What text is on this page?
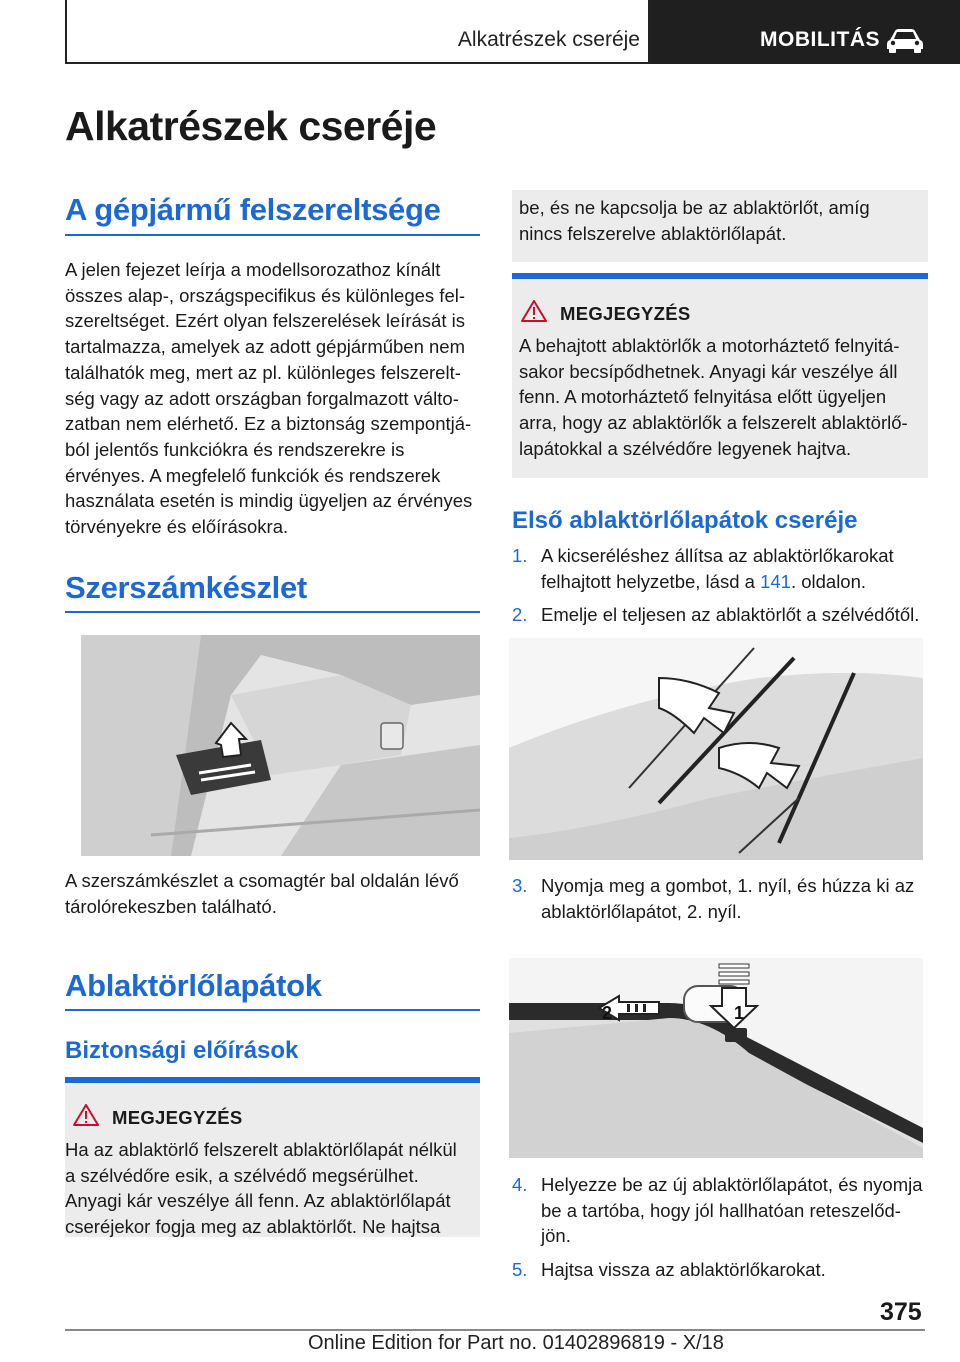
Alkatrészek cseréje	MOBILITÁS
Alkatrészek cseréje
A gépjármű felszereltsége
A jelen fejezet leírja a modellsorozathoz kínált
összes alap-, országspecifikus és különleges fel-
szereltséget. Ezért olyan felszerelések leírását is
tartalmazza, amelyek az adott gépjárműben nem
találhatók meg, mert az pl. különleges felszerelt-
ség vagy az adott országban forgalmazott válto-
zatban nem elérhető. Ez a biztonság szempontjá-
ból jelentős funkciókra és rendszerekre is
érvényes. A megfelelő funkciók és rendszerek
használata esetén is mindig ügyeljen az érvényes
törvényekre és előírásokra.
Szerszámkészlet
A szerszámkészlet a csomagtér bal oldalán lévő
tárolórekeszben található.
Ablaktörlőlapátok
Biztonsági előírások
MEGJEGYZÉS
Ha az ablaktörlő felszerelt ablaktörlőlapát nélkül
a szélvédőre esik, a szélvédő megsérülhet.
Anyagi kár veszélye áll fenn. Az ablaktörlőlapát
cseréjekor fogja meg az ablaktörlőt. Ne hajtsa
be, és ne kapcsolja be az ablaktörlőt, amíg
nincs felszerelve ablaktörlőlapát.
MEGJEGYZÉS
A behajtott ablaktörlők a motorháztető felnyitá-
sakor becsípődhetnek. Anyagi kár veszélye áll
fenn. A motorháztető felnyitása előtt ügyeljen
arra, hogy az ablaktörlők a felszerelt ablaktörlő-
lapátokkal a szélvédőre legyenek hajtva.
Első ablaktörlőlapátok cseréje
1. A kicseréléshez állítsa az ablaktörlőkarokat
felhajtott helyzetbe, lásd a 141. oldalon.
2. Emelje el teljesen az ablaktörlőt a szélvédőtől.
3. Nyomja meg a gombot, 1. nyíl, és húzza ki az
ablaktörlőlapátot, 2. nyíl.
1
2
4. Helyezze be az új ablaktörlőlapátot, és nyomja
be a tartóba, hogy jól hallhatóan reteszelőd-
jön.
5. Hajtsa vissza az ablaktörlőkarokat.
375
Online Edition for Part no. 01402896819 - X/18
